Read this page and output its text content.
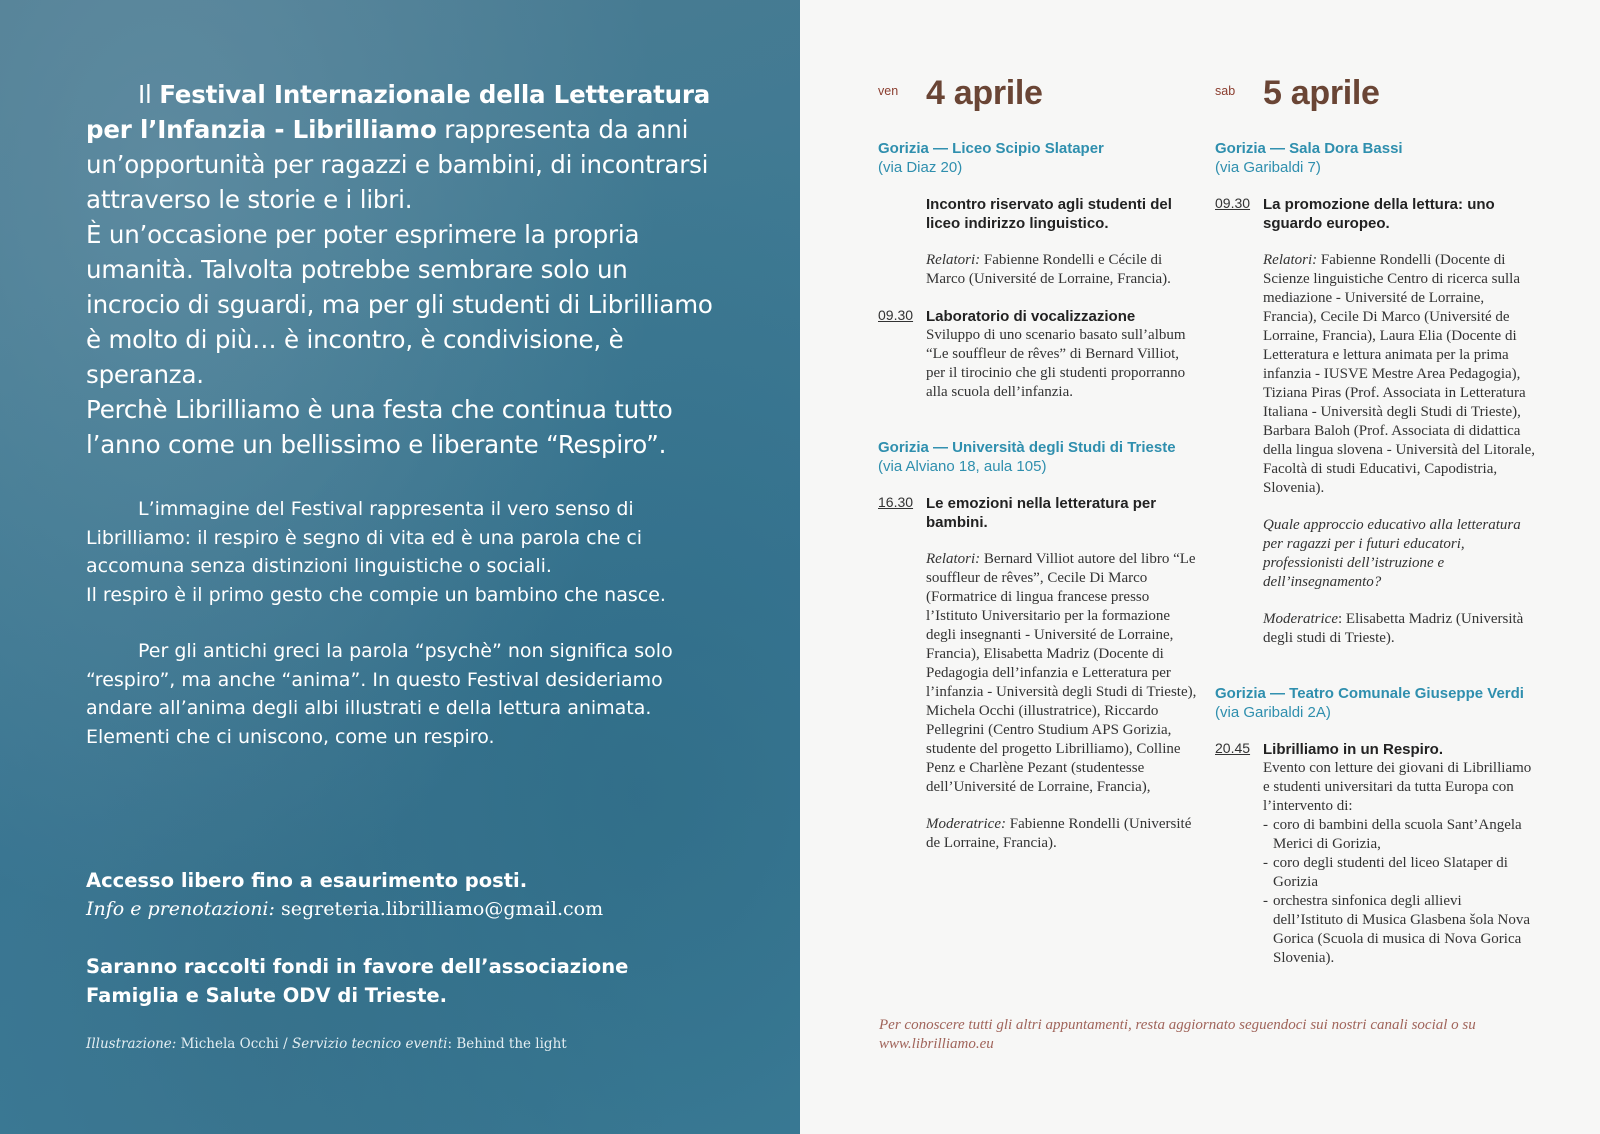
Il Festival Internazionale della Letteratura per l’Infanzia - Librilliamo rappresenta da anni un’opportunità per ragazzi e bambini, di incontrarsi attraverso le storie e i libri.

È un’occasione per poter esprimere la propria umanità. Talvolta potrebbe sembrare solo un incrocio di sguardi, ma per gli studenti di Librilliamo è molto di più… è incontro, è condivisione, è speranza.

Perchè Librilliamo è una festa che continua tutto l’anno come un bellissimo e liberante “Respiro”.

L’immagine del Festival rappresenta il vero senso di Librilliamo: il respiro è segno di vita ed è una parola che ci accomuna senza distinzioni linguistiche o sociali.

Il respiro è il primo gesto che compie un bambino che nasce.

Per gli antichi greci la parola “psychè” non significa solo “respiro”, ma anche “anima”. In questo Festival desideriamo andare all’anima degli albi illustrati e della lettura animata. Elementi che ci uniscono, come un respiro.

Accesso libero fino a esaurimento posti.
Info e prenotazioni: segreteria.librilliamo@gmail.com
Saranno raccolti fondi in favore dell’associazione Famiglia e Salute ODV di Trieste.
Illustrazione: Michela Occhi / Servizio tecnico eventi: Behind the light
ven 4 aprile
Gorizia — Liceo Scipio Slataper
(via Diaz 20)
Incontro riservato agli studenti del liceo indirizzo linguistico.
Relatori: Fabienne Rondelli e Cécile di Marco (Université de Lorraine, Francia).
09.30 Laboratorio di vocalizzazione
Sviluppo di uno scenario basato sull’album “Le souffleur de rêves” di Bernard Villiot, per il tirocinio che gli studenti proporranno alla scuola dell’infanzia.
Gorizia — Università degli Studi di Trieste (via Alviano 18, aula 105)
16.30 Le emozioni nella letteratura per bambini.
Relatori: Bernard Villiot autore del libro “Le souffleur de rêves”, Cecile Di Marco (Formatrice di lingua francese presso l’Istituto Universitario per la formazione degli insegnanti - Université de Lorraine, Francia), Elisabetta Madriz (Docente di Pedagogia dell’infanzia e Letteratura per l’infanzia - Università degli Studi di Trieste), Michela Occhi (illustratrice), Riccardo Pellegrini (Centro Studium APS Gorizia, studente del progetto Librilliamo), Colline Penz e Charlène Pezant (studentesse dell’Université de Lorraine, Francia),
Moderatrice: Fabienne Rondelli (Université de Lorraine, Francia).
sab 5 aprile
Gorizia — Sala Dora Bassi
(via Garibaldi 7)
09.30 La promozione della lettura: uno sguardo europeo.
Relatori: Fabienne Rondelli (Docente di Scienze linguistiche Centro di ricerca sulla mediazione - Université de Lorraine, Francia), Cecile Di Marco (Université de Lorraine, Francia), Laura Elia (Docente di Letteratura e lettura animata per la prima infanzia - IUSVE Mestre Area Pedagogia), Tiziana Piras (Prof. Associata in Letteratura Italiana - Università degli Studi di Trieste), Barbara Baloh (Prof. Associata di didattica della lingua slovena - Università del Litorale, Facoltà di studi Educativi, Capodistria, Slovenia).
Quale approccio educativo alla letteratura per ragazzi per i futuri educatori, professionisti dell’istruzione e dell’insegnamento?
Moderatrice: Elisabetta Madriz (Università degli studi di Trieste).
Gorizia — Teatro Comunale Giuseppe Verdi (via Garibaldi 2A)
20.45 Librilliamo in un Respiro.
Evento con letture dei giovani di Librilliamo e studenti universitari da tutta Europa con l’intervento di:
- coro di bambini della scuola Sant’Angela Merici di Gorizia,
- coro degli studenti del liceo Slataper di Gorizia
- orchestra sinfonica degli allievi dell’Istituto di Musica Glasbena šola Nova Gorica (Scuola di musica di Nova Gorica Slovenia).
Per conoscere tutti gli altri appuntamenti, resta aggiornato seguendoci sui nostri canali social o su www.librilliamo.eu
